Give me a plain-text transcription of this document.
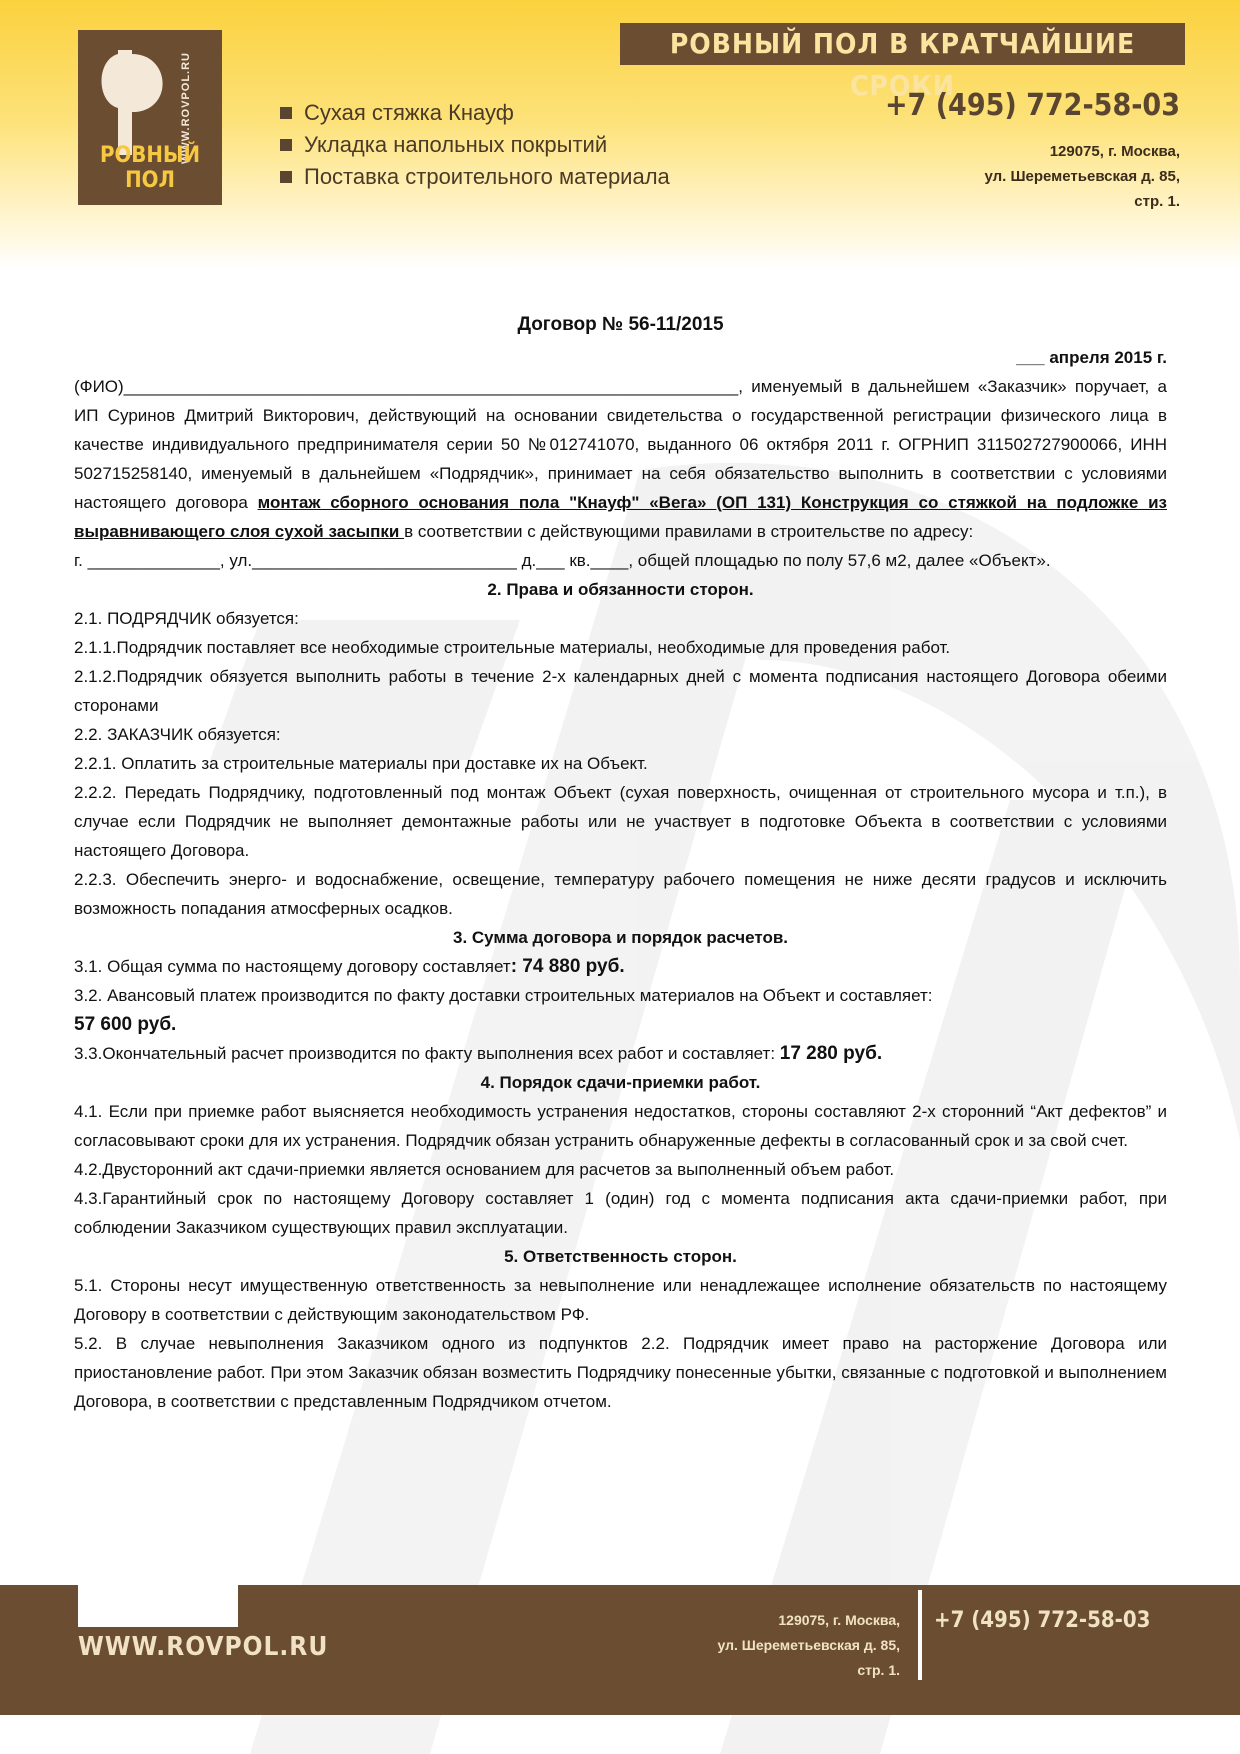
WWW.ROVPOL.RU
РОВНЫЙ ПОЛ
Сухая стяжка Кнауф
Укладка напольных покрытий
Поставка строительного материала
РОВНЫЙ ПОЛ В КРАТЧАЙШИЕ СРОКИ
+7 (495) 772-58-03
129075, г. Москва,
ул. Шереметьевская д. 85,
стр. 1.

Договор № 56-11/2015

___ апреля 2015 г.

(ФИО)_________________________________________________________________, именуемый в дальнейшем «Заказчик» поручает, а ИП Суринов Дмитрий Викторович, действующий на основании свидетельства о государственной регистрации физического лица в качестве индивидуального предпринимателя серии 50 №012741070, выданного 06 октября 2011 г. ОГРНИП 311502727900066, ИНН 502715258140, именуемый в дальнейшем «Подрядчик», принимает на себя обязательство выполнить в соответствии с условиями настоящего договора монтаж сборного основания пола "Кнауф" «Вега» (ОП 131) Конструкция со стяжкой на подложке из выравнивающего слоя сухой засыпки в соответствии с действующими правилами в строительстве по адресу:

г. ______________, ул.____________________________ д.___ кв.____, общей площадью по полу 57,6 м2, далее «Объект».

2. Права и обязанности сторон.

2.1. ПОДРЯДЧИК обязуется:

2.1.1.Подрядчик поставляет все необходимые строительные материалы, необходимые для проведения работ.

2.1.2.Подрядчик обязуется выполнить работы в течение 2-х календарных дней с момента подписания настоящего Договора обеими сторонами

2.2. ЗАКАЗЧИК обязуется:

2.2.1. Оплатить за строительные материалы при доставке их на Объект.

2.2.2. Передать Подрядчику, подготовленный под монтаж Объект (сухая поверхность, очищенная от строительного мусора и т.п.), в случае если Подрядчик не выполняет демонтажные работы или не участвует в подготовке Объекта в соответствии с условиями настоящего Договора.

2.2.3. Обеспечить энерго- и водоснабжение, освещение, температуру рабочего помещения не ниже десяти градусов и исключить возможность попадания атмосферных осадков.

3. Сумма договора и порядок расчетов.

3.1. Общая сумма по настоящему договору составляет: 74 880 руб.

3.2. Авансовый платеж производится по факту доставки строительных материалов на Объект и составляет:

57 600 руб.

3.3.Окончательный расчет производится по факту выполнения всех работ и составляет: 17 280 руб.

4. Порядок сдачи-приемки работ.

4.1. Если при приемке работ выясняется необходимость устранения недостатков, стороны составляют 2-х сторонний “Акт дефектов” и согласовывают сроки для их устранения. Подрядчик обязан устранить обнаруженные дефекты в согласованный срок и за свой счет.

4.2.Двусторонний акт сдачи-приемки является основанием для расчетов за выполненный объем работ.

4.3.Гарантийный срок по настоящему Договору составляет 1 (один) год с момента подписания акта сдачи-приемки работ, при соблюдении Заказчиком существующих правил эксплуатации.

5. Ответственность сторон.

5.1. Стороны несут имущественную ответственность за невыполнение или ненадлежащее исполнение обязательств по настоящему Договору в соответствии с действующим законодательством РФ.

5.2. В случае невыполнения Заказчиком одного из подпунктов 2.2. Подрядчик имеет право на расторжение Договора или приостановление работ. При этом Заказчик обязан возместить Подрядчику понесенные убытки, связанные с подготовкой и выполнением Договора, в соответствии с представленным Подрядчиком отчетом.

WWW.ROVPOL.RU
129075, г. Москва,
ул. Шереметьевская д. 85,
стр. 1.
+7 (495) 772-58-03
